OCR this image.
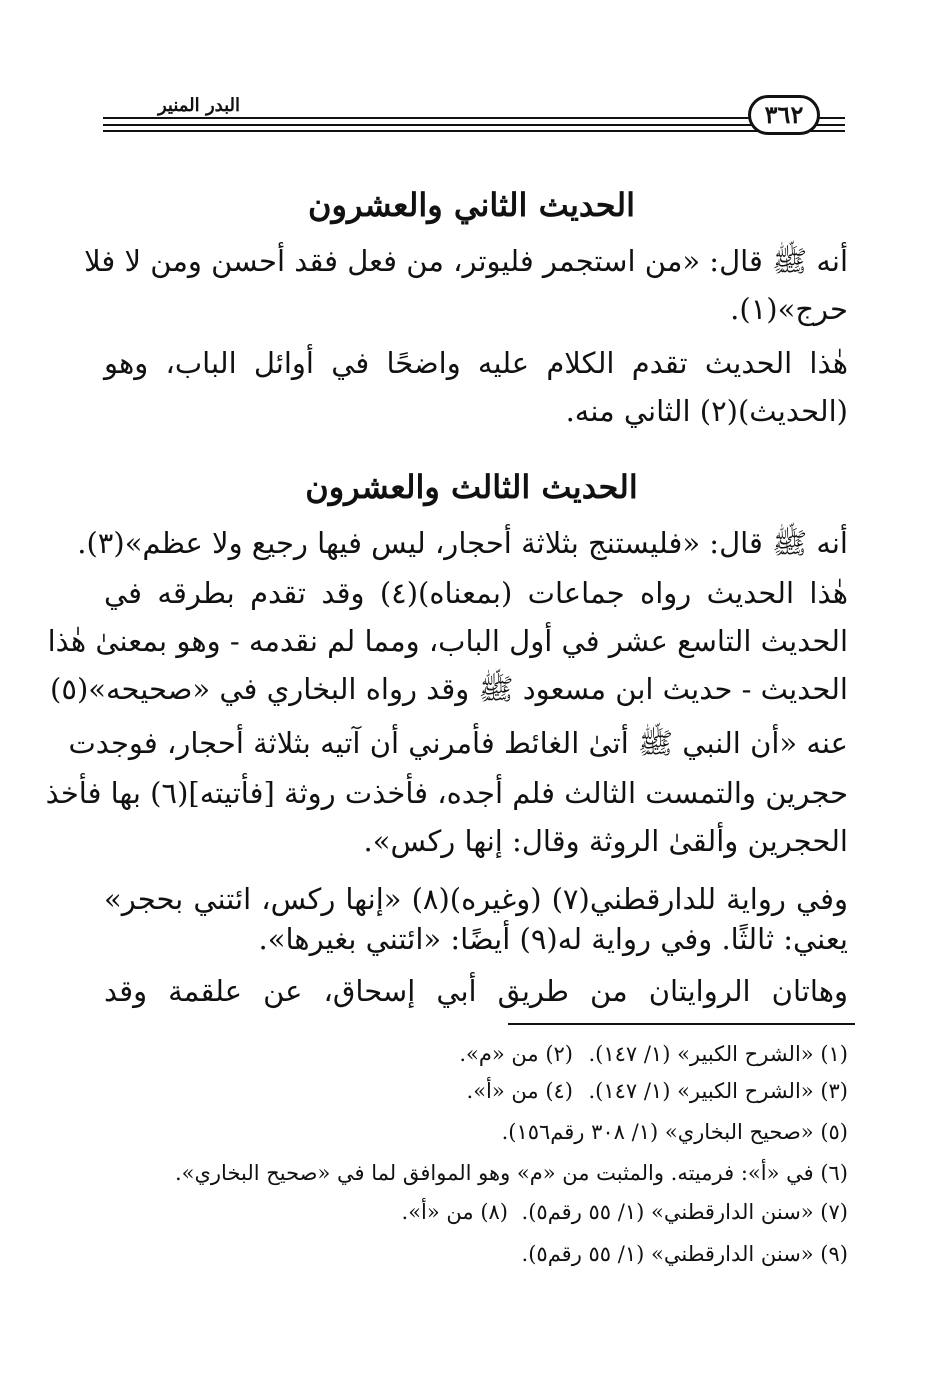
البدر المنير	٣٦٢
الحديث الثاني والعشرون
أنه ﷺ قال: «من استجمر فليوتر، من فعل فقد أحسن ومن لا فلا
حرج»(١).
هٰذا الحديث تقدم الكلام عليه واضحًا في أوائل الباب، وهو
(الحديث)(٢) الثاني منه.
الحديث الثالث والعشرون
أنه ﷺ قال: «فليستنج بثلاثة أحجار، ليس فيها رجيع ولا عظم»(٣).
هٰذا الحديث رواه جماعات (بمعناه)(٤) وقد تقدم بطرقه في
الحديث التاسع عشر في أول الباب، ومما لم نقدمه - وهو بمعنىٰ هٰذا
الحديث - حديث ابن مسعود ﷺ وقد رواه البخاري في «صحيحه»(٥)
عنه «أن النبي ﷺ أتىٰ الغائط فأمرني أن آتيه بثلاثة أحجار، فوجدت
حجرين والتمست الثالث فلم أجده، فأخذت روثة [فأتيته](٦) بها فأخذ
الحجرين وألقىٰ الروثة وقال: إنها ركس».
وفي رواية للدارقطني(٧) (وغيره)(٨) «إنها ركس، ائتني بحجر»
يعني: ثالثًا. وفي رواية له(٩) أيضًا: «ائتني بغيرها».
وهاتان الروايتان من طريق أبي إسحاق، عن علقمة وقد
(١) «الشرح الكبير» (١/ ١٤٧).
(٢) من «م».
(٣) «الشرح الكبير» (١/ ١٤٧).
(٤) من «أ».
(٥) «صحيح البخاري» (١/ ٣٠٨ رقم١٥٦).
(٦) في «أ»: فرميته. والمثبت من «م» وهو الموافق لما في «صحيح البخاري».
(٧) «سنن الدارقطني» (١/ ٥٥ رقم٥).
(٨) من «أ».
(٩) «سنن الدارقطني» (١/ ٥٥ رقم٥).
